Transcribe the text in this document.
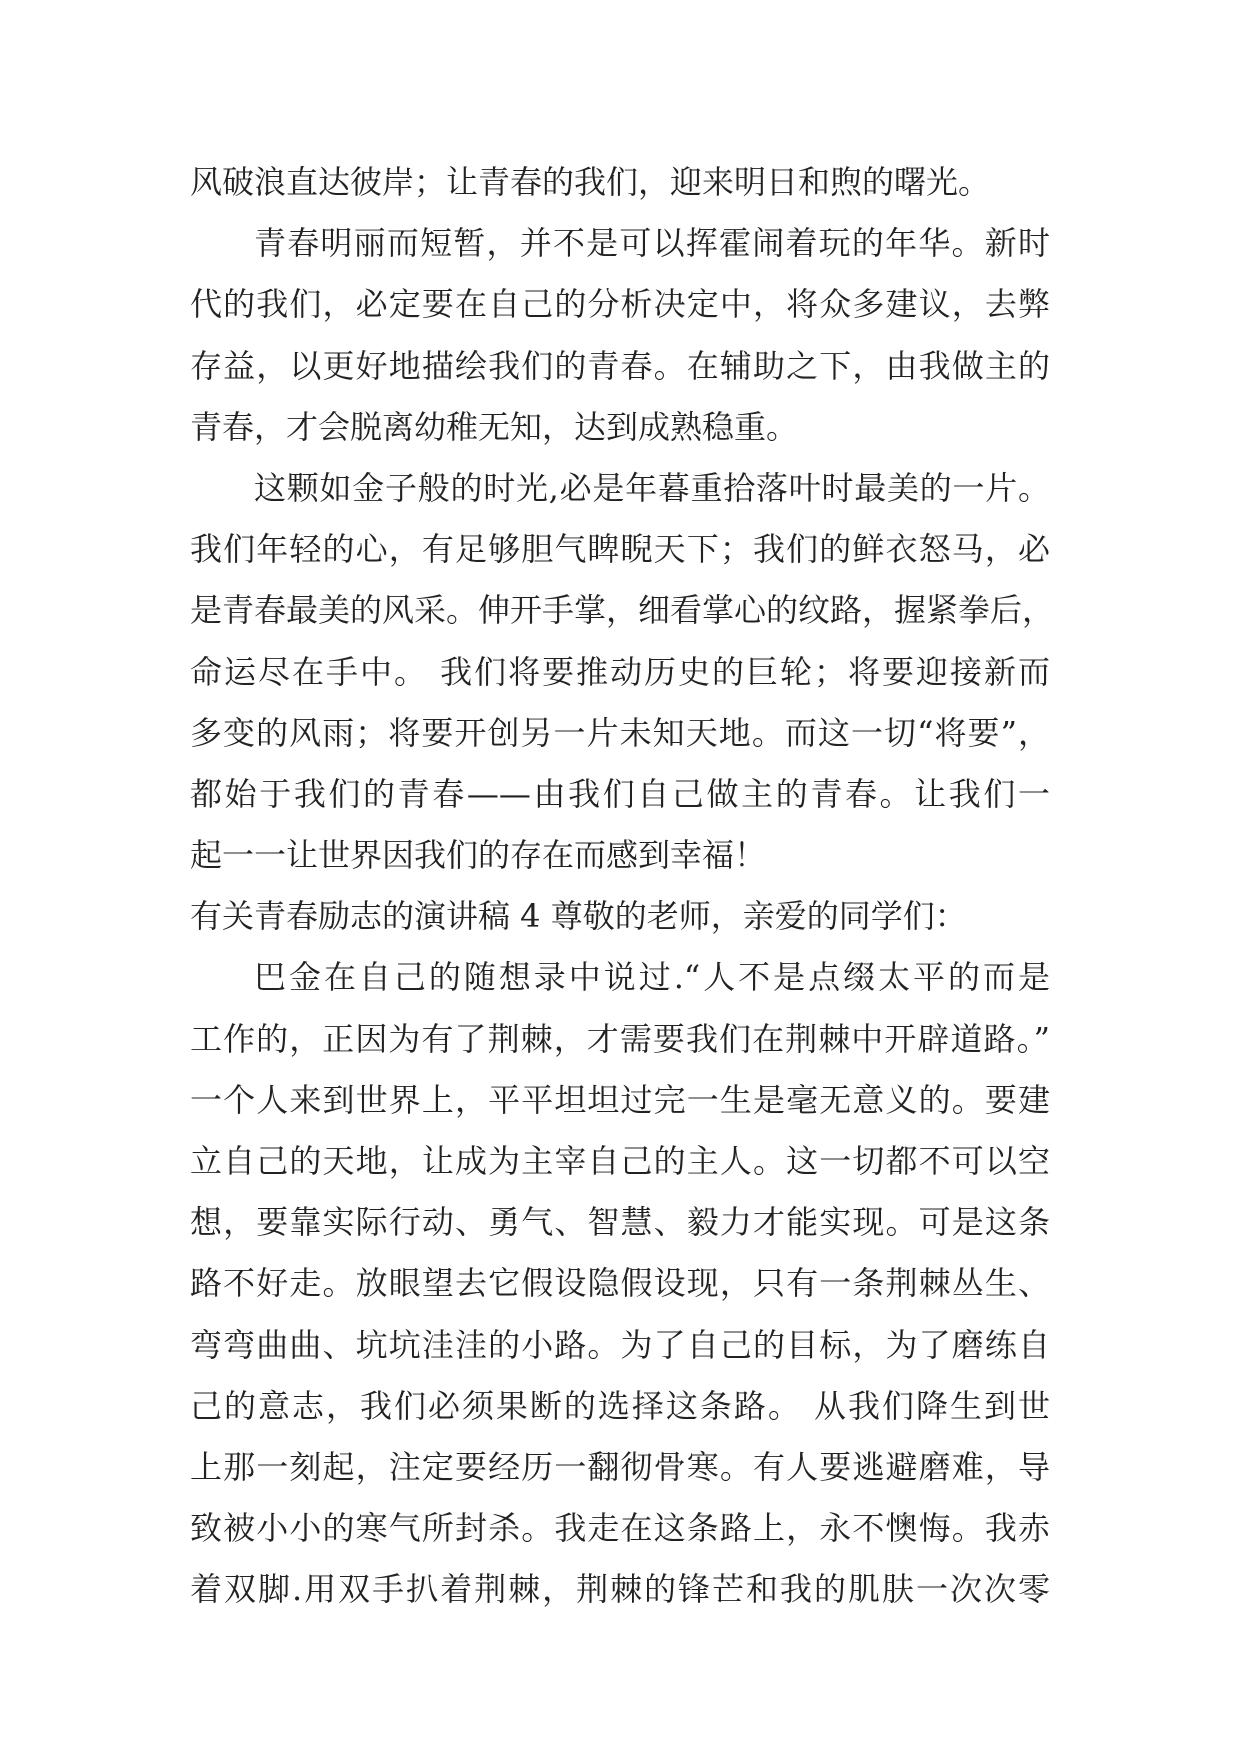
风破浪直达彼岸；让青春的我们，迎来明日和煦的曙光。
青春明丽而短暂，并不是可以挥霍闹着玩的年华。新时
代的我们，必定要在自己的分析决定中，将众多建议，去弊
存益，以更好地描绘我们的青春。在辅助之下，由我做主的
青春，才会脱离幼稚无知，达到成熟稳重。
这颗如金子般的时光,必是年暮重拾落叶时最美的一片。
我们年轻的心，有足够胆气睥睨天下；我们的鲜衣怒马，必
是青春最美的风采。伸开手掌，细看掌心的纹路，握紧拳后，
命运尽在手中。 我们将要推动历史的巨轮；将要迎接新而
多变的风雨；将要开创另一片未知天地。而这一切“将要”，
都始于我们的青春——由我们自己做主的青春。让我们一
起一一让世界因我们的存在而感到幸福！
有关青春励志的演讲稿 4 尊敬的老师，亲爱的同学们：
巴金在自己的随想录中说过.“人不是点缀太平的而是
工作的，正因为有了荆棘，才需要我们在荆棘中开辟道路。”
一个人来到世界上，平平坦坦过完一生是毫无意义的。要建
立自己的天地，让成为主宰自己的主人。这一切都不可以空
想，要靠实际行动、勇气、智慧、毅力才能实现。可是这条
路不好走。放眼望去它假设隐假设现，只有一条荆棘丛生、
弯弯曲曲、坑坑洼洼的小路。为了自己的目标，为了磨练自
己的意志，我们必须果断的选择这条路。 从我们降生到世
上那一刻起，注定要经历一翻彻骨寒。有人要逃避磨难，导
致被小小的寒气所封杀。我走在这条路上，永不懊悔。我赤
着双脚.用双手扒着荆棘，荆棘的锋芒和我的肌肤一次次零
